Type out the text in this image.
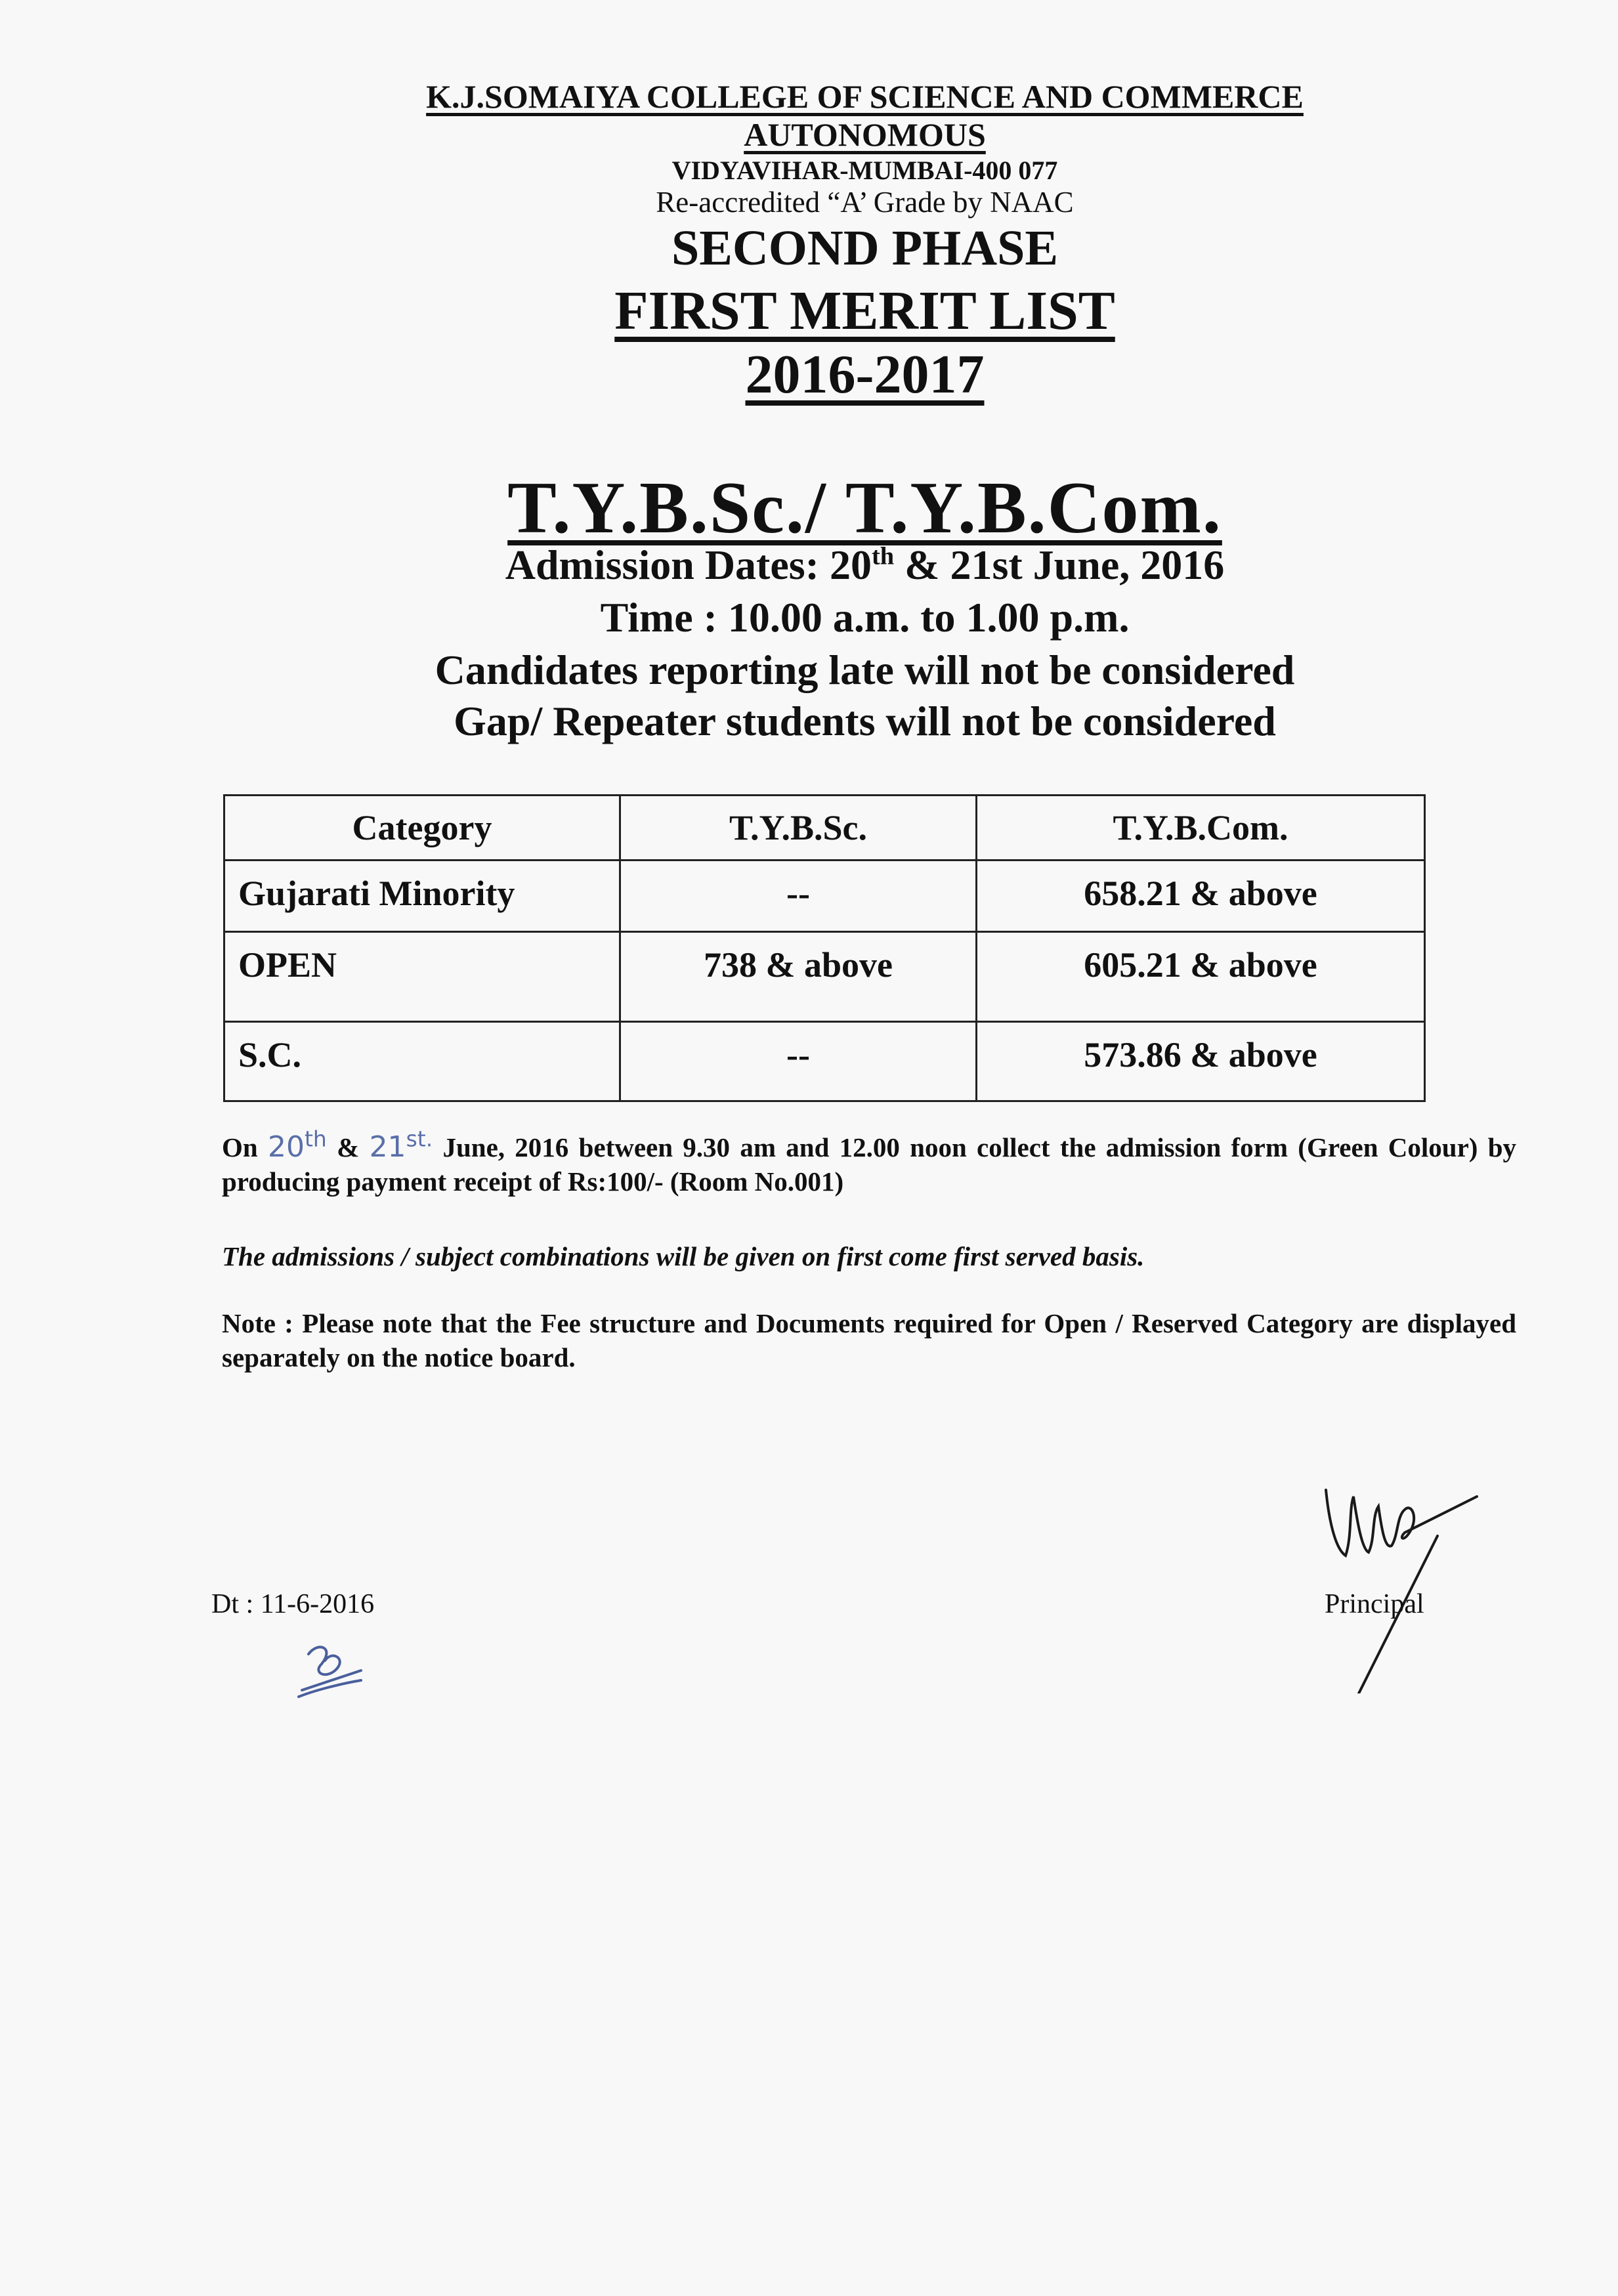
K.J.SOMAIYA COLLEGE OF SCIENCE AND COMMERCE
AUTONOMOUS
VIDYAVIHAR-MUMBAI-400 077
Re-accredited “A’ Grade by NAAC
SECOND PHASE
FIRST MERIT LIST
2016-2017
T.Y.B.Sc./ T.Y.B.Com.
Admission Dates: 20th & 21st June, 2016
Time : 10.00 a.m. to 1.00 p.m.
Candidates reporting late will not be considered
Gap/ Repeater students will not be considered
Category	T.Y.B.Sc.	T.Y.B.Com.
Gujarati Minority	--	658.21 & above
OPEN	738 & above	605.21 & above
S.C.	--	573.86 & above
On 20th & $21^{st.}$ June, 2016 between 9.30 am and 12.00 noon collect the admission form (Green Colour) by producing payment receipt of Rs:100/- (Room No.001)
The admissions / subject combinations will be given on first come first served basis.
Note : Please note that the Fee structure and Documents required for Open / Reserved Category are displayed separately on the notice board.
Dt : 11-6-2016	Principal
